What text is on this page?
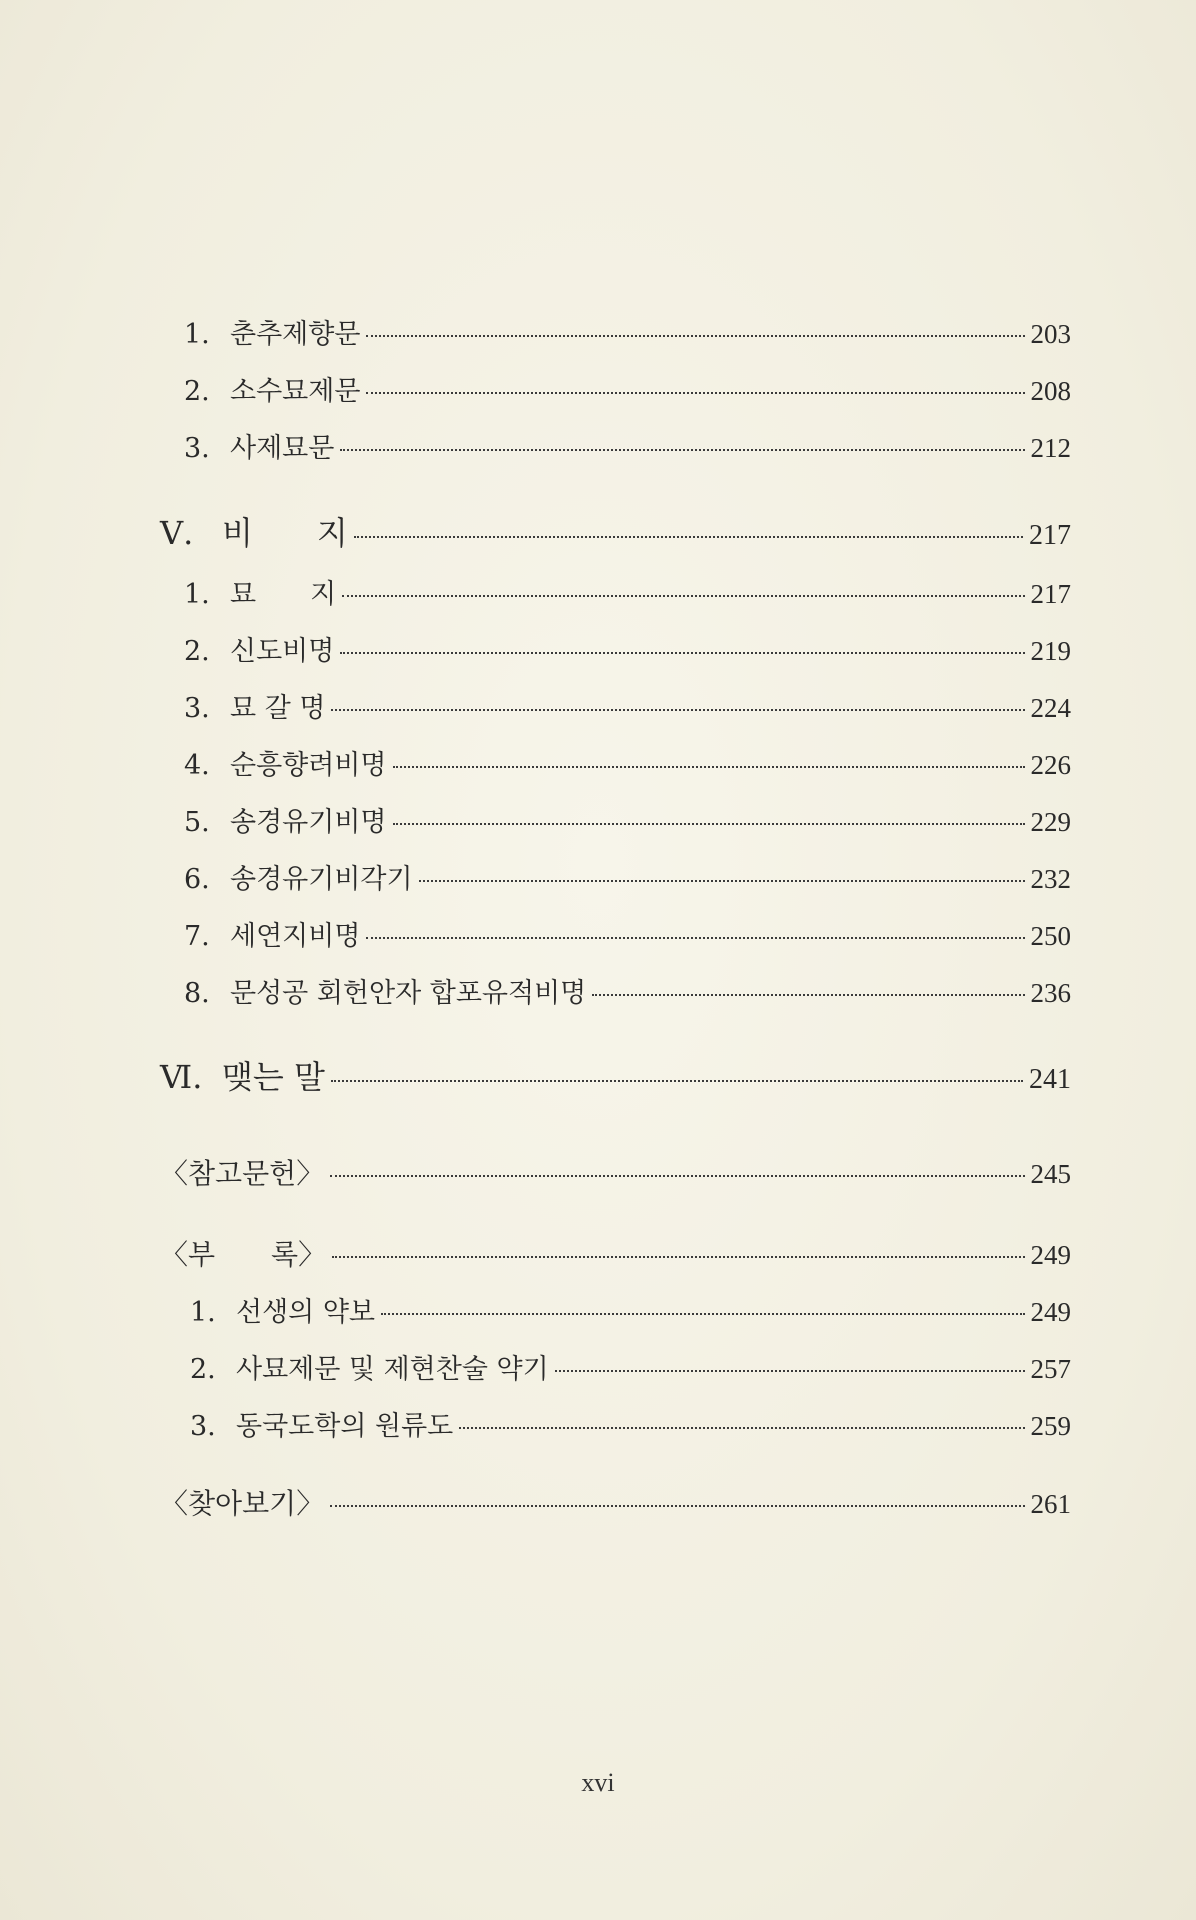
1. 춘추제향문	203
2. 소수묘제문	208
3. 사제묘문	212
Ⅴ. 비　　지	217
1. 묘　　지	217
2. 신도비명	219
3. 묘 갈 명	224
4. 순흥향려비명	226
5. 송경유기비명	229
6. 송경유기비각기	232
7. 세연지비명	250
8. 문성공 회헌안자 합포유적비명	236
Ⅵ. 맺는 말	241
〈참고문헌〉	245
〈부　　록〉	249
1. 선생의 약보	249
2. 사묘제문 및 제현찬술 약기	257
3. 동국도학의 원류도	259
〈찾아보기〉	261
xvi
